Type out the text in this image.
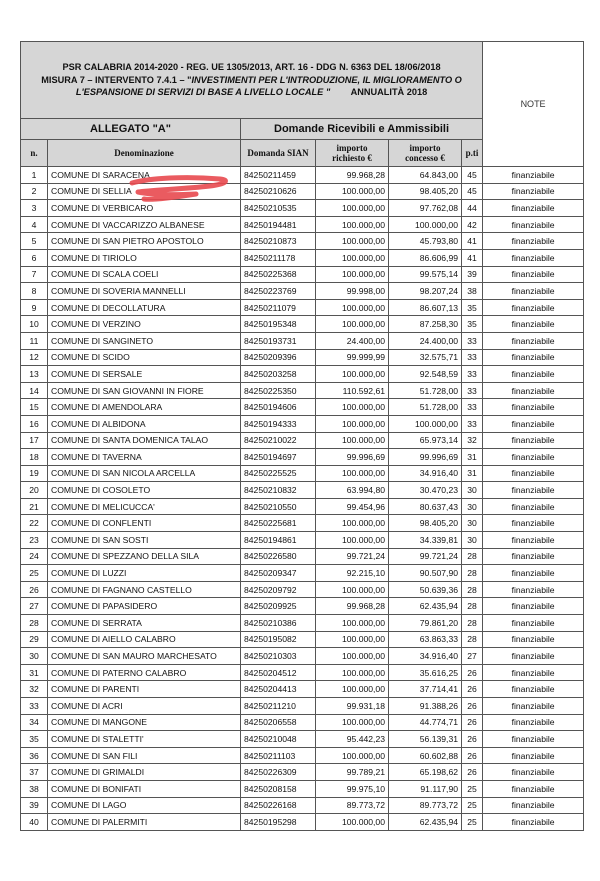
PSR CALABRIA 2014-2020 - REG. UE 1305/2013, ART. 16 - DDG N. 6363 DEL 18/06/2018
MISURA 7 – INTERVENTO 7.4.1 – "INVESTIMENTI PER L'INTRODUZIONE, IL MIGLIORAMENTO O L'ESPANSIONE DI SERVIZI DI BASE A LIVELLO LOCALE " ANNUALITÀ 2018						NOTE
ALLEGATO "A"		Domande Ricevibili e Ammissibili				
n.	Denominazione	Domanda SIAN	importo richiesto €	importo concesso €	p.ti	
1	COMUNE DI SARACENA	84250211459	99.968,28	64.843,00	45	finanziabile
2	COMUNE DI SELLIA	84250210626	100.000,00	98.405,20	45	finanziabile
3	COMUNE DI VERBICARO	84250210535	100.000,00	97.762,08	44	finanziabile
4	COMUNE DI VACCARIZZO ALBANESE	84250194481	100.000,00	100.000,00	42	finanziabile
5	COMUNE DI SAN PIETRO APOSTOLO	84250210873	100.000,00	45.793,80	41	finanziabile
6	COMUNE DI TIRIOLO	84250211178	100.000,00	86.606,99	41	finanziabile
7	COMUNE DI SCALA COELI	84250225368	100.000,00	99.575,14	39	finanziabile
8	COMUNE DI SOVERIA MANNELLI	84250223769	99.998,00	98.207,24	38	finanziabile
9	COMUNE DI DECOLLATURA	84250211079	100.000,00	86.607,13	35	finanziabile
10	COMUNE DI VERZINO	84250195348	100.000,00	87.258,30	35	finanziabile
11	COMUNE DI SANGINETO	84250193731	24.400,00	24.400,00	33	finanziabile
12	COMUNE DI SCIDO	84250209396	99.999,99	32.575,71	33	finanziabile
13	COMUNE DI SERSALE	84250203258	100.000,00	92.548,59	33	finanziabile
14	COMUNE DI SAN GIOVANNI IN FIORE	84250225350	110.592,61	51.728,00	33	finanziabile
15	COMUNE DI AMENDOLARA	84250194606	100.000,00	51.728,00	33	finanziabile
16	COMUNE DI ALBIDONA	84250194333	100.000,00	100.000,00	33	finanziabile
17	COMUNE DI SANTA DOMENICA TALAO	84250210022	100.000,00	65.973,14	32	finanziabile
18	COMUNE DI TAVERNA	84250194697	99.996,69	99.996,69	31	finanziabile
19	COMUNE DI SAN NICOLA ARCELLA	84250225525	100.000,00	34.916,40	31	finanziabile
20	COMUNE DI COSOLETO	84250210832	63.994,80	30.470,23	30	finanziabile
21	COMUNE DI MELICUCCA'	84250210550	99.454,96	80.637,43	30	finanziabile
22	COMUNE DI CONFLENTI	84250225681	100.000,00	98.405,20	30	finanziabile
23	COMUNE DI SAN SOSTI	84250194861	100.000,00	34.339,81	30	finanziabile
24	COMUNE DI SPEZZANO DELLA SILA	84250226580	99.721,24	99.721,24	28	finanziabile
25	COMUNE DI LUZZI	84250209347	92.215,10	90.507,90	28	finanziabile
26	COMUNE DI FAGNANO CASTELLO	84250209792	100.000,00	50.639,36	28	finanziabile
27	COMUNE DI PAPASIDERO	84250209925	99.968,28	62.435,94	28	finanziabile
28	COMUNE DI SERRATA	84250210386	100.000,00	79.861,20	28	finanziabile
29	COMUNE DI AIELLO CALABRO	84250195082	100.000,00	63.863,33	28	finanziabile
30	COMUNE DI SAN MAURO MARCHESATO	84250210303	100.000,00	34.916,40	27	finanziabile
31	COMUNE DI PATERNO CALABRO	84250204512	100.000,00	35.616,25	26	finanziabile
32	COMUNE DI PARENTI	84250204413	100.000,00	37.714,41	26	finanziabile
33	COMUNE DI ACRI	84250211210	99.931,18	91.388,26	26	finanziabile
34	COMUNE DI MANGONE	84250206558	100.000,00	44.774,71	26	finanziabile
35	COMUNE DI STALETTI'	84250210048	95.442,23	56.139,31	26	finanziabile
36	COMUNE DI SAN FILI	84250211103	100.000,00	60.602,88	26	finanziabile
37	COMUNE DI GRIMALDI	84250226309	99.789,21	65.198,62	26	finanziabile
38	COMUNE DI BONIFATI	84250208158	99.975,10	91.117,90	25	finanziabile
39	COMUNE DI LAGO	84250226168	89.773,72	89.773,72	25	finanziabile
40	COMUNE DI PALERMITI	84250195298	100.000,00	62.435,94	25	finanziabile
